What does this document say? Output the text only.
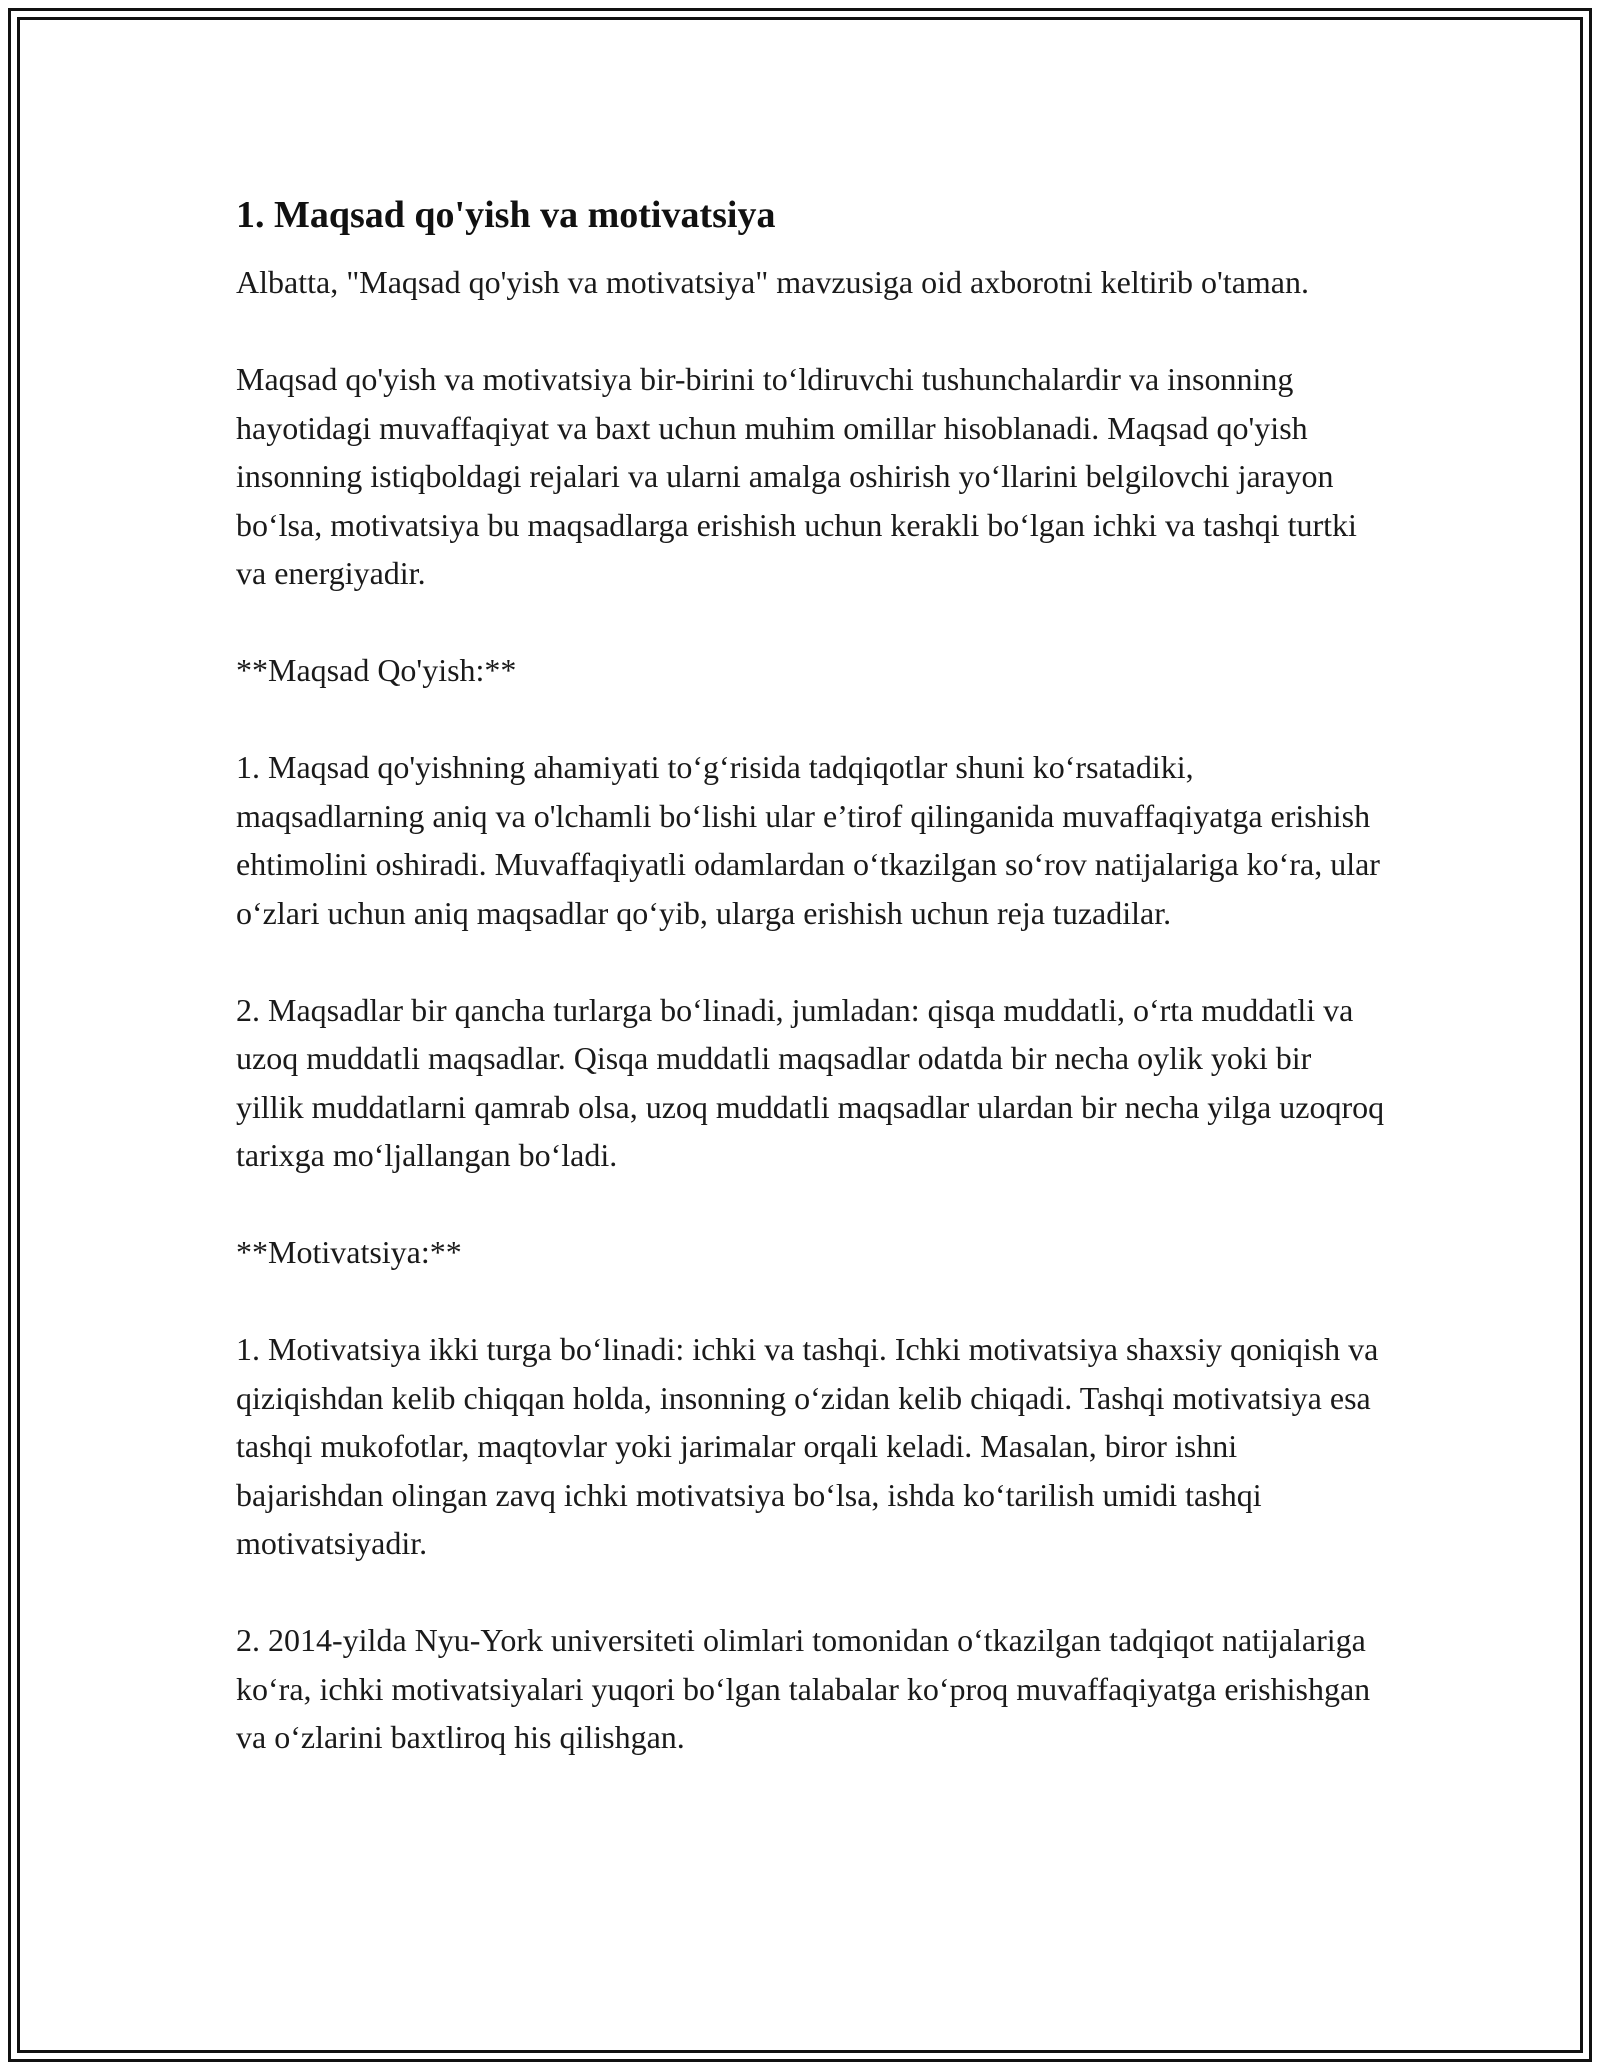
1. Maqsad qo'yish va motivatsiya

Albatta, "Maqsad qo'yish va motivatsiya" mavzusiga oid axborotni keltirib o'taman.

Maqsad qo'yish va motivatsiya bir-birini to‘ldiruvchi tushunchalardir va insonning hayotidagi muvaffaqiyat va baxt uchun muhim omillar hisoblanadi. Maqsad qo'yish insonning istiqboldagi rejalari va ularni amalga oshirish yo‘llarini belgilovchi jarayon bo‘lsa, motivatsiya bu maqsadlarga erishish uchun kerakli bo‘lgan ichki va tashqi turtki va energiyadir.

**Maqsad Qo'yish:**

1. Maqsad qo'yishning ahamiyati to‘g‘risida tadqiqotlar shuni ko‘rsatadiki, maqsadlarning aniq va o'lchamli bo‘lishi ular e’tirof qilinganida muvaffaqiyatga erishish ehtimolini oshiradi. Muvaffaqiyatli odamlardan o‘tkazilgan so‘rov natijalariga ko‘ra, ular o‘zlari uchun aniq maqsadlar qo‘yib, ularga erishish uchun reja tuzadilar.

2. Maqsadlar bir qancha turlarga bo‘linadi, jumladan: qisqa muddatli, o‘rta muddatli va uzoq muddatli maqsadlar. Qisqa muddatli maqsadlar odatda bir necha oylik yoki bir yillik muddatlarni qamrab olsa, uzoq muddatli maqsadlar ulardan bir necha yilga uzoqroq tarixga mo‘ljallangan bo‘ladi.

**Motivatsiya:**

1. Motivatsiya ikki turga bo‘linadi: ichki va tashqi. Ichki motivatsiya shaxsiy qoniqish va qiziqishdan kelib chiqqan holda, insonning o‘zidan kelib chiqadi. Tashqi motivatsiya esa tashqi mukofotlar, maqtovlar yoki jarimalar orqali keladi. Masalan, biror ishni bajarishdan olingan zavq ichki motivatsiya bo‘lsa, ishda ko‘tarilish umidi tashqi motivatsiyadir.

2. 2014-yilda Nyu-York universiteti olimlari tomonidan o‘tkazilgan tadqiqot natijalariga ko‘ra, ichki motivatsiyalari yuqori bo‘lgan talabalar ko‘proq muvaffaqiyatga erishishgan va o‘zlarini baxtliroq his qilishgan.
